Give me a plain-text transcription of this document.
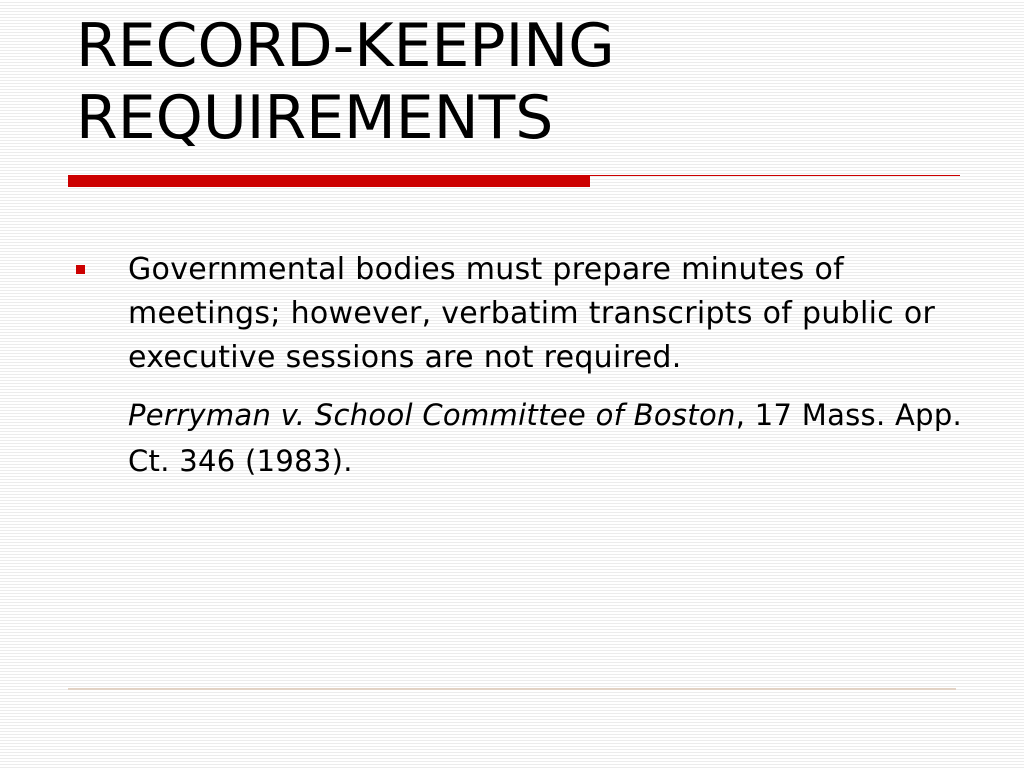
RECORD-KEEPING
REQUIREMENTS

Governmental bodies must prepare minutes of meetings; however, verbatim transcripts of public or executive sessions are not required.

Perryman v. School Committee of Boston, 17 Mass. App. Ct. 346 (1983).
